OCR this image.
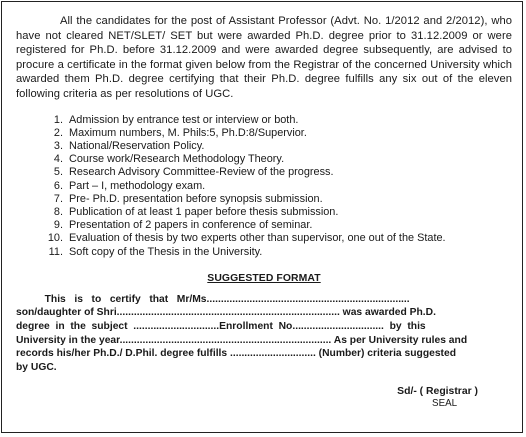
All the candidates for the post of Assistant Professor (Advt. No. 1/2012 and 2/2012), who have not cleared NET/SLET/ SET but were awarded Ph.D. degree prior to 31.12.2009 or were registered for Ph.D. before 31.12.2009 and were awarded degree subsequently, are advised to procure a certificate in the format given below from the Registrar of the concerned University which awarded them Ph.D. degree certifying that their Ph.D. degree fulfills any six out of the eleven following criteria as per resolutions of UGC.

1. Admission by entrance test or interview or both.
2. Maximum numbers, M. Phils:5, Ph.D:8/Supervior.
3. National/Reservation Policy.
4. Course work/Research Methodology Theory.
5. Research Advisory Committee-Review of the progress.
6. Part – I, methodology exam.
7. Pre- Ph.D. presentation before synopsis submission.
8. Publication of at least 1 paper before thesis submission.
9. Presentation of 2 papers in conference of seminar.
10. Evaluation of thesis by two experts other than supervisor, one out of the State.
11. Soft copy of the Thesis in the University.
SUGGESTED FORMAT
This   is   to   certify   that   Mr/Ms.......................................................................
son/daughter of Shri.............................................................................. was awarded Ph.D.
degree  in  the  subject  ..............................Enrollment  No................................  by  this
University in the year.......................................................................... As per University rules and
records his/her Ph.D./ D.Phil. degree fulfills .............................. (Number) criteria suggested
by UGC.
Sd/- ( Registrar )
SEAL
